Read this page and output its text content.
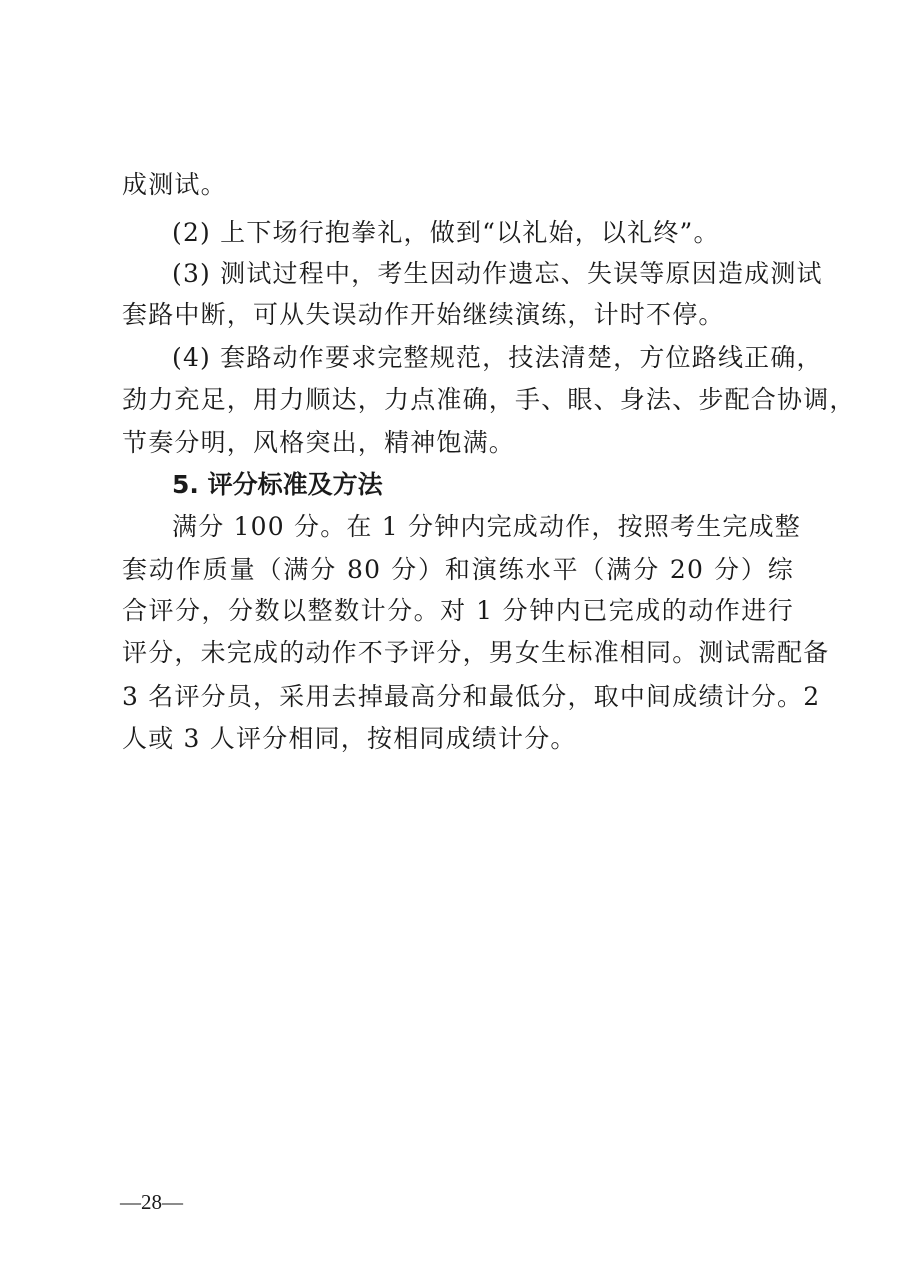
成测试。
(2) 上下场行抱拳礼，做到“以礼始，以礼终”。
(3) 测试过程中，考生因动作遗忘、失误等原因造成测试
套路中断，可从失误动作开始继续演练，计时不停。
(4) 套路动作要求完整规范，技法清楚，方位路线正确，
劲力充足，用力顺达，力点准确，手、眼、身法、步配合协调，
节奏分明，风格突出，精神饱满。
5. 评分标准及方法
满分 100 分。在 1 分钟内完成动作，按照考生完成整
套动作质量（满分 80 分）和演练水平（满分 20 分）综
合评分，分数以整数计分。对 1 分钟内已完成的动作进行
评分，未完成的动作不予评分，男女生标准相同。测试需配备
3 名评分员，采用去掉最高分和最低分，取中间成绩计分。2
人或 3 人评分相同，按相同成绩计分。
—28—
